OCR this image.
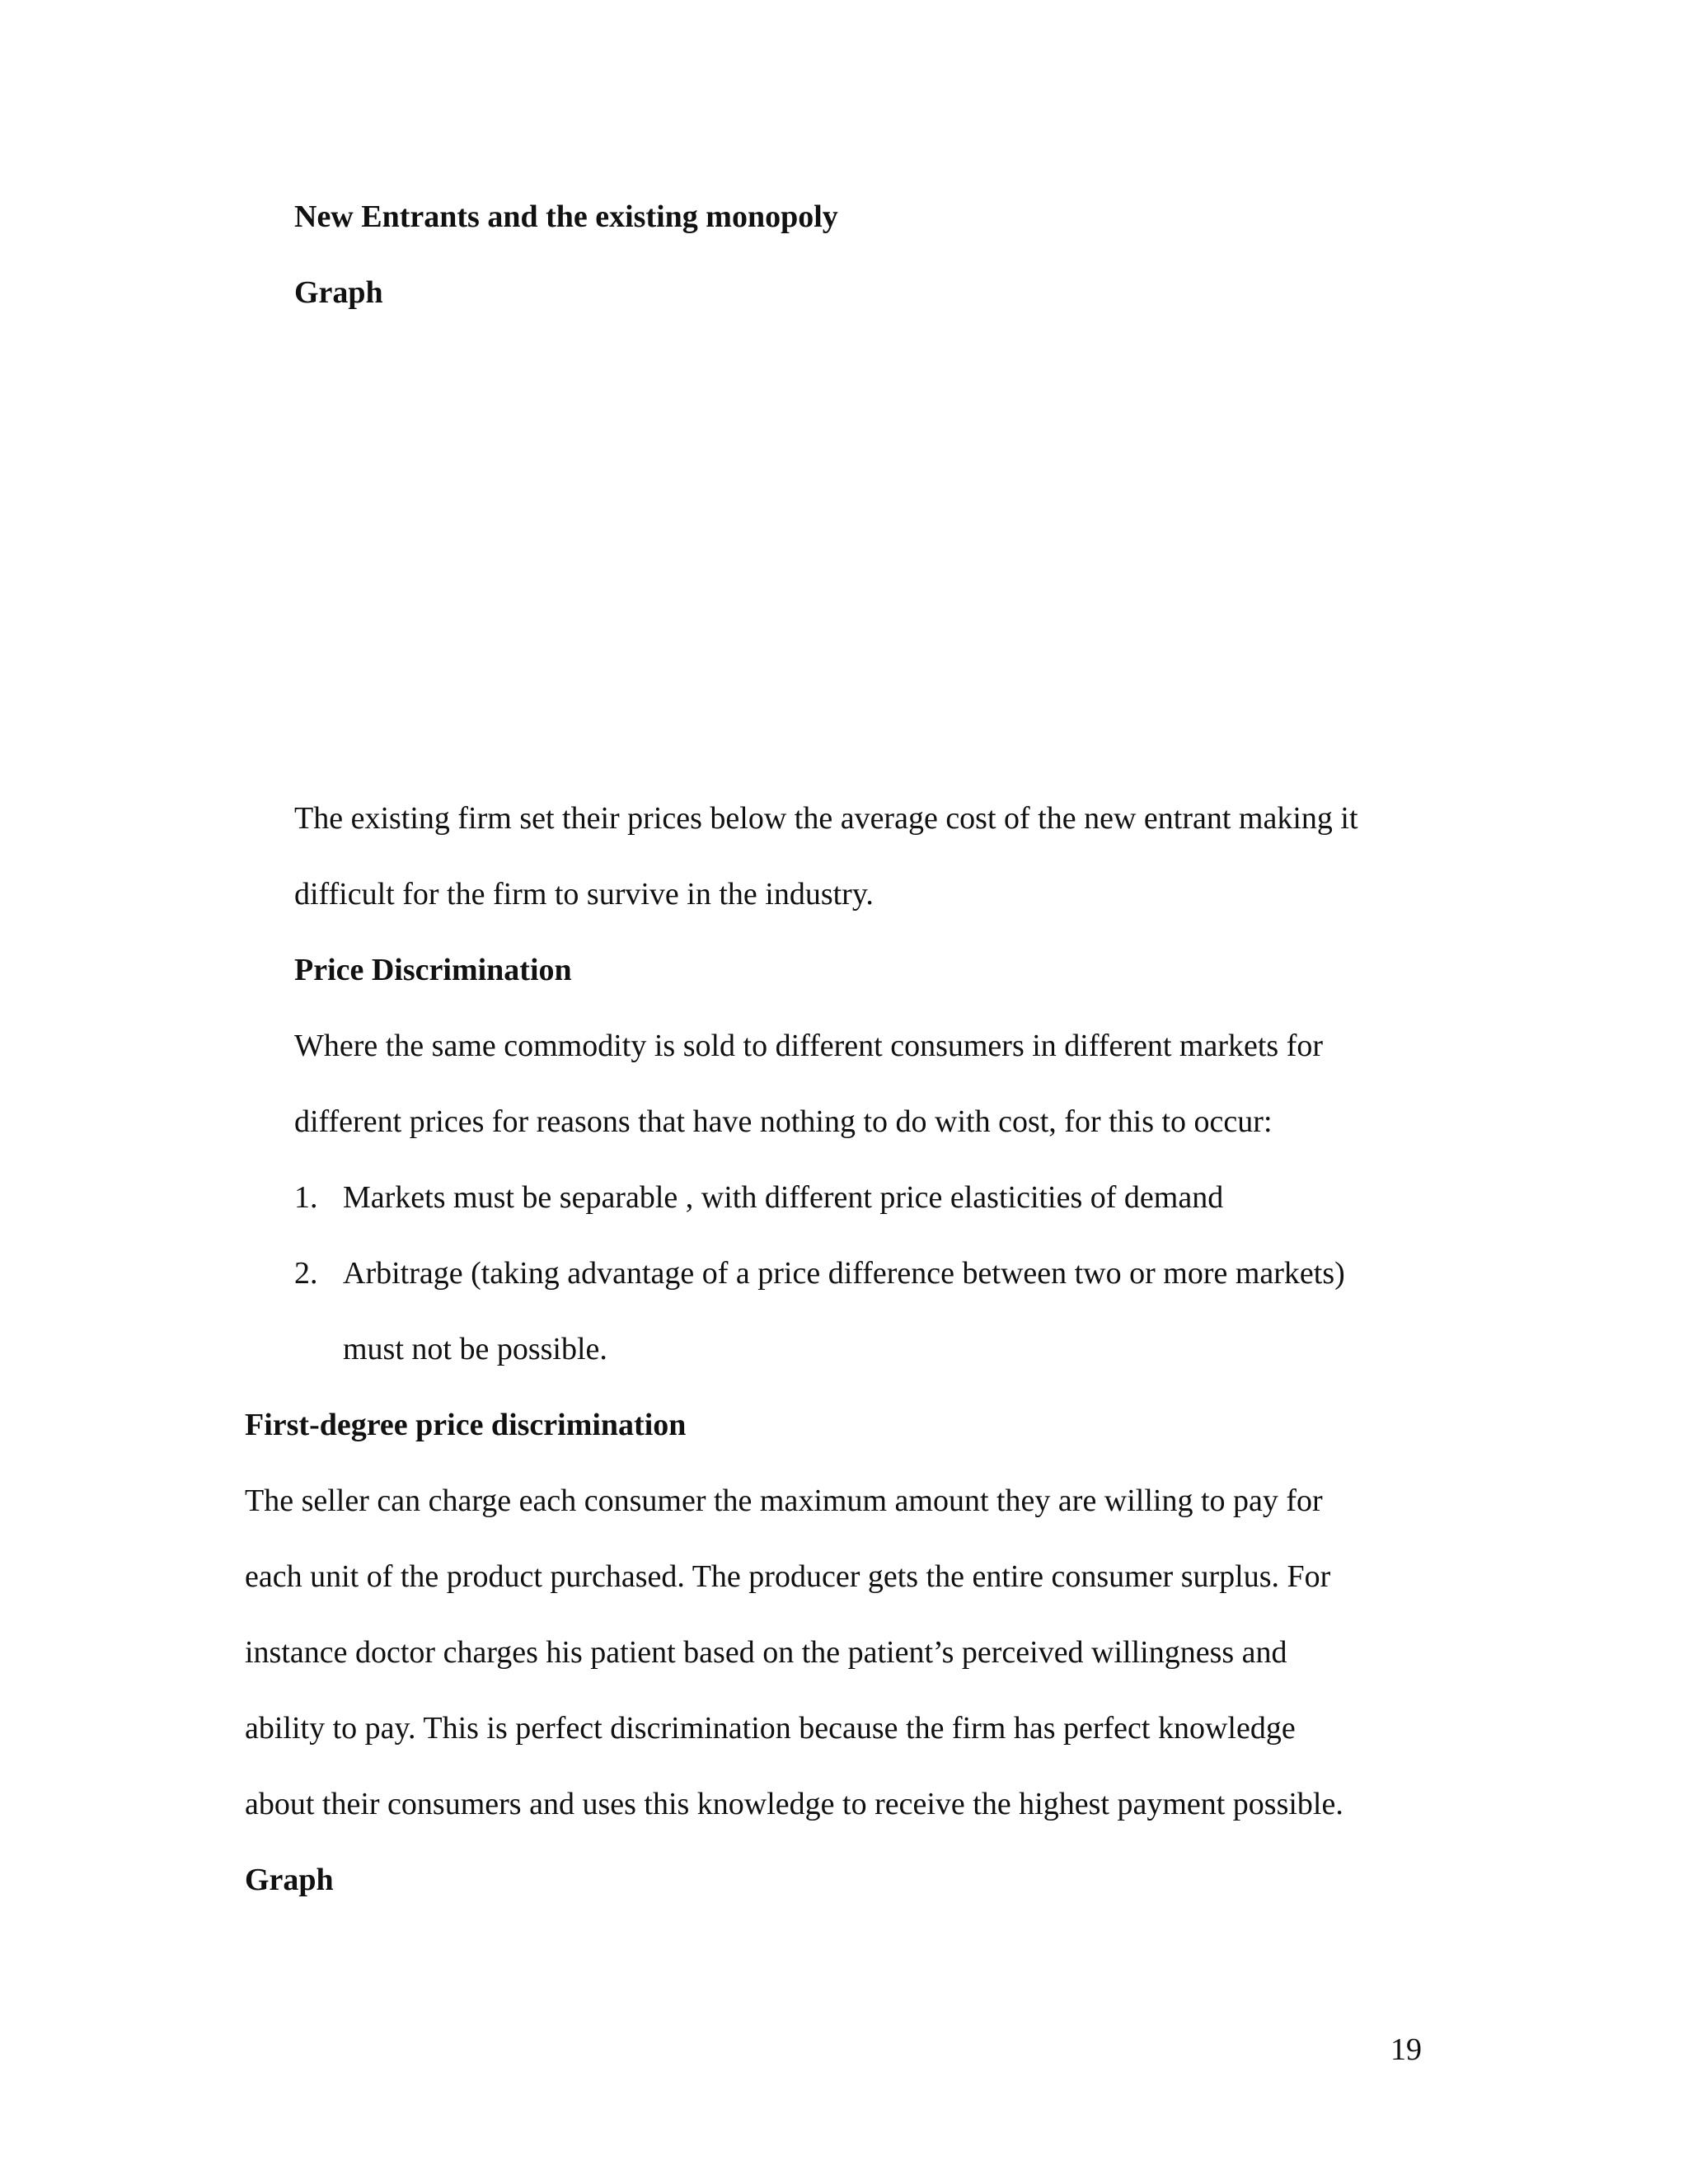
New Entrants and the existing monopoly
Graph
The existing firm set their prices below the average cost of the new entrant making it
difficult for the firm to survive in the industry.
Price Discrimination
Where the same commodity is sold to different consumers in different markets for
different prices for reasons that have nothing to do with cost, for this to occur:
1. Markets must be separable , with different price elasticities of demand
2. Arbitrage (taking advantage of a price difference between two or more markets)
must not be possible.
First-degree price discrimination
The seller can charge each consumer the maximum amount they are willing to pay for
each unit of the product purchased. The producer gets the entire consumer surplus. For
instance doctor charges his patient based on the patient’s perceived willingness and
ability to pay. This is perfect discrimination because the firm has perfect knowledge
about their consumers and uses this knowledge to receive the highest payment possible.
Graph
19
